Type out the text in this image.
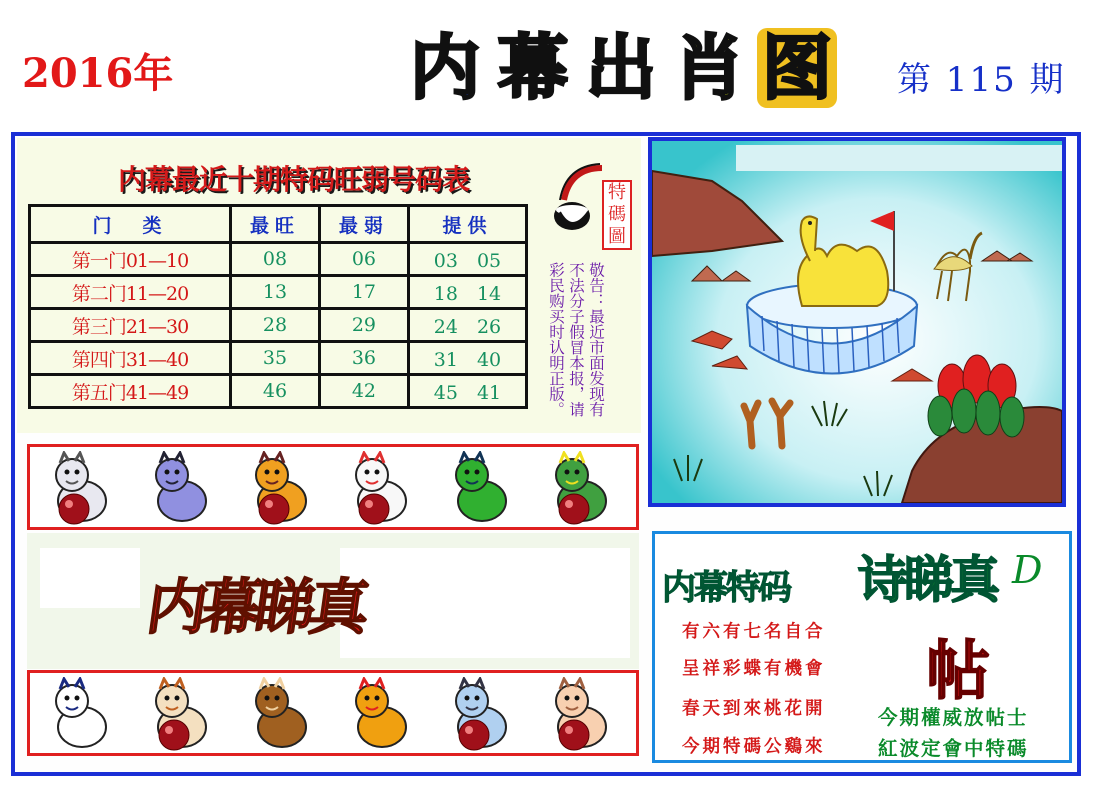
2016年	内 幕 出 肖 图 第 115 期
内幕最近十期特码旺弱号码表
门　类	最旺	最弱	提供
第一门01—10	08	06	03　05
第二门11—20	13	17	18　14
第三门21—30	28	29	24　26
第四门31—40	35	36	31　40
第五门41—49	46	42	45　41
特碼圖
敬告：最近市面发现有不法分子假冒本报，请彩民购买时认明正版。
内幕睇真	内幕特码 诗睇真 D
帖
有六有七名自合
呈祥彩蝶有機會
春天到來桃花開
今期特碼公鷄來
今期權威放帖士
紅波定會中特碼
